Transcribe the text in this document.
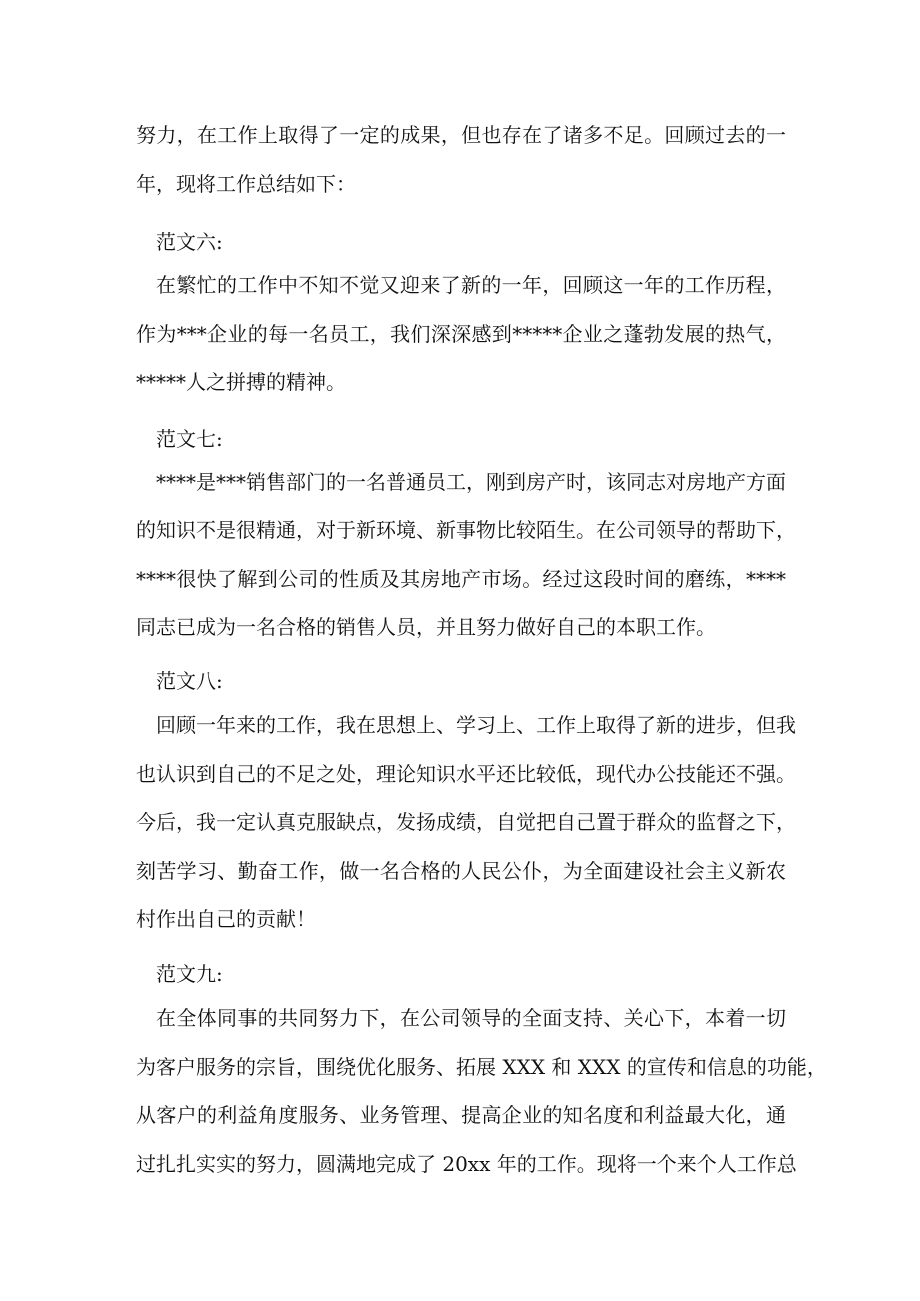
努力，在工作上取得了一定的成果，但也存在了诸多不足。回顾过去的一
年，现将工作总结如下：
范文六:
在繁忙的工作中不知不觉又迎来了新的一年，回顾这一年的工作历程，
作为***企业的每一名员工，我们深深感到*****企业之蓬勃发展的热气，
*****人之拼搏的精神。
范文七:
****是***销售部门的一名普通员工，刚到房产时，该同志对房地产方面
的知识不是很精通，对于新环境、新事物比较陌生。在公司领导的帮助下，
****很快了解到公司的性质及其房地产市场。经过这段时间的磨练，****
同志已成为一名合格的销售人员，并且努力做好自己的本职工作。
范文八:
回顾一年来的工作，我在思想上、学习上、工作上取得了新的进步，但我
也认识到自己的不足之处，理论知识水平还比较低，现代办公技能还不强。
今后，我一定认真克服缺点，发扬成绩，自觉把自己置于群众的监督之下，
刻苦学习、勤奋工作，做一名合格的人民公仆，为全面建设社会主义新农
村作出自己的贡献！
范文九:
在全体同事的共同努力下，在公司领导的全面支持、关心下，本着一切
为客户服务的宗旨，围绕优化服务、拓展 XXX 和 XXX 的宣传和信息的功能，
从客户的利益角度服务、业务管理、提高企业的知名度和利益最大化，通
过扎扎实实的努力，圆满地完成了 20xx 年的工作。现将一个来个人工作总
